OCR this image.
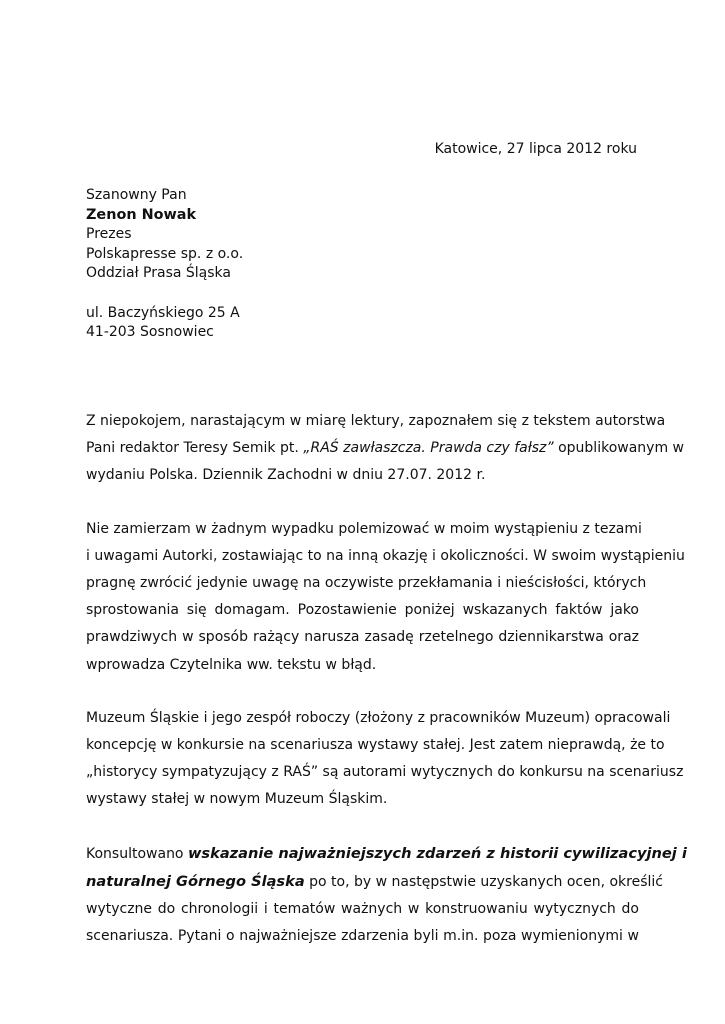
Katowice, 27 lipca 2012 roku
Szanowny Pan
Zenon Nowak
Prezes
Polskapresse sp. z o.o.
Oddział Prasa Śląska
ul. Baczyńskiego 25 A
41-203 Sosnowiec

Z niepokojem, narastającym w miarę lektury, zapoznałem się z tekstem autorstwa
Pani redaktor Teresy Semik pt. „RAŚ zawłaszcza. Prawda czy fałsz” opublikowanym w
wydaniu Polska. Dziennik Zachodni w dniu 27.07. 2012 r.

Nie zamierzam w żadnym wypadku polemizować w moim wystąpieniu z tezami
i uwagami Autorki, zostawiając to na inną okazję i okoliczności. W swoim wystąpieniu
pragnę zwrócić jedynie uwagę na oczywiste przekłamania i nieścisłości, których
sprostowania się domagam. Pozostawienie poniżej wskazanych faktów jako
prawdziwych w sposób rażący narusza zasadę rzetelnego dziennikarstwa oraz
wprowadza Czytelnika ww. tekstu w błąd.

Muzeum Śląskie i jego zespół roboczy (złożony z pracowników Muzeum) opracowali
koncepcję w konkursie na scenariusza wystawy stałej. Jest zatem nieprawdą, że to
„historycy sympatyzujący z RAŚ” są autorami wytycznych do konkursu na scenariusz
wystawy stałej w nowym Muzeum Śląskim.

Konsultowano wskazanie najważniejszych zdarzeń z historii cywilizacyjnej i
naturalnej Górnego Śląska po to, by w następstwie uzyskanych ocen, określić
wytyczne do chronologii i tematów ważnych w konstruowaniu wytycznych do
scenariusza. Pytani o najważniejsze zdarzenia byli m.in. poza wymienionymi w
